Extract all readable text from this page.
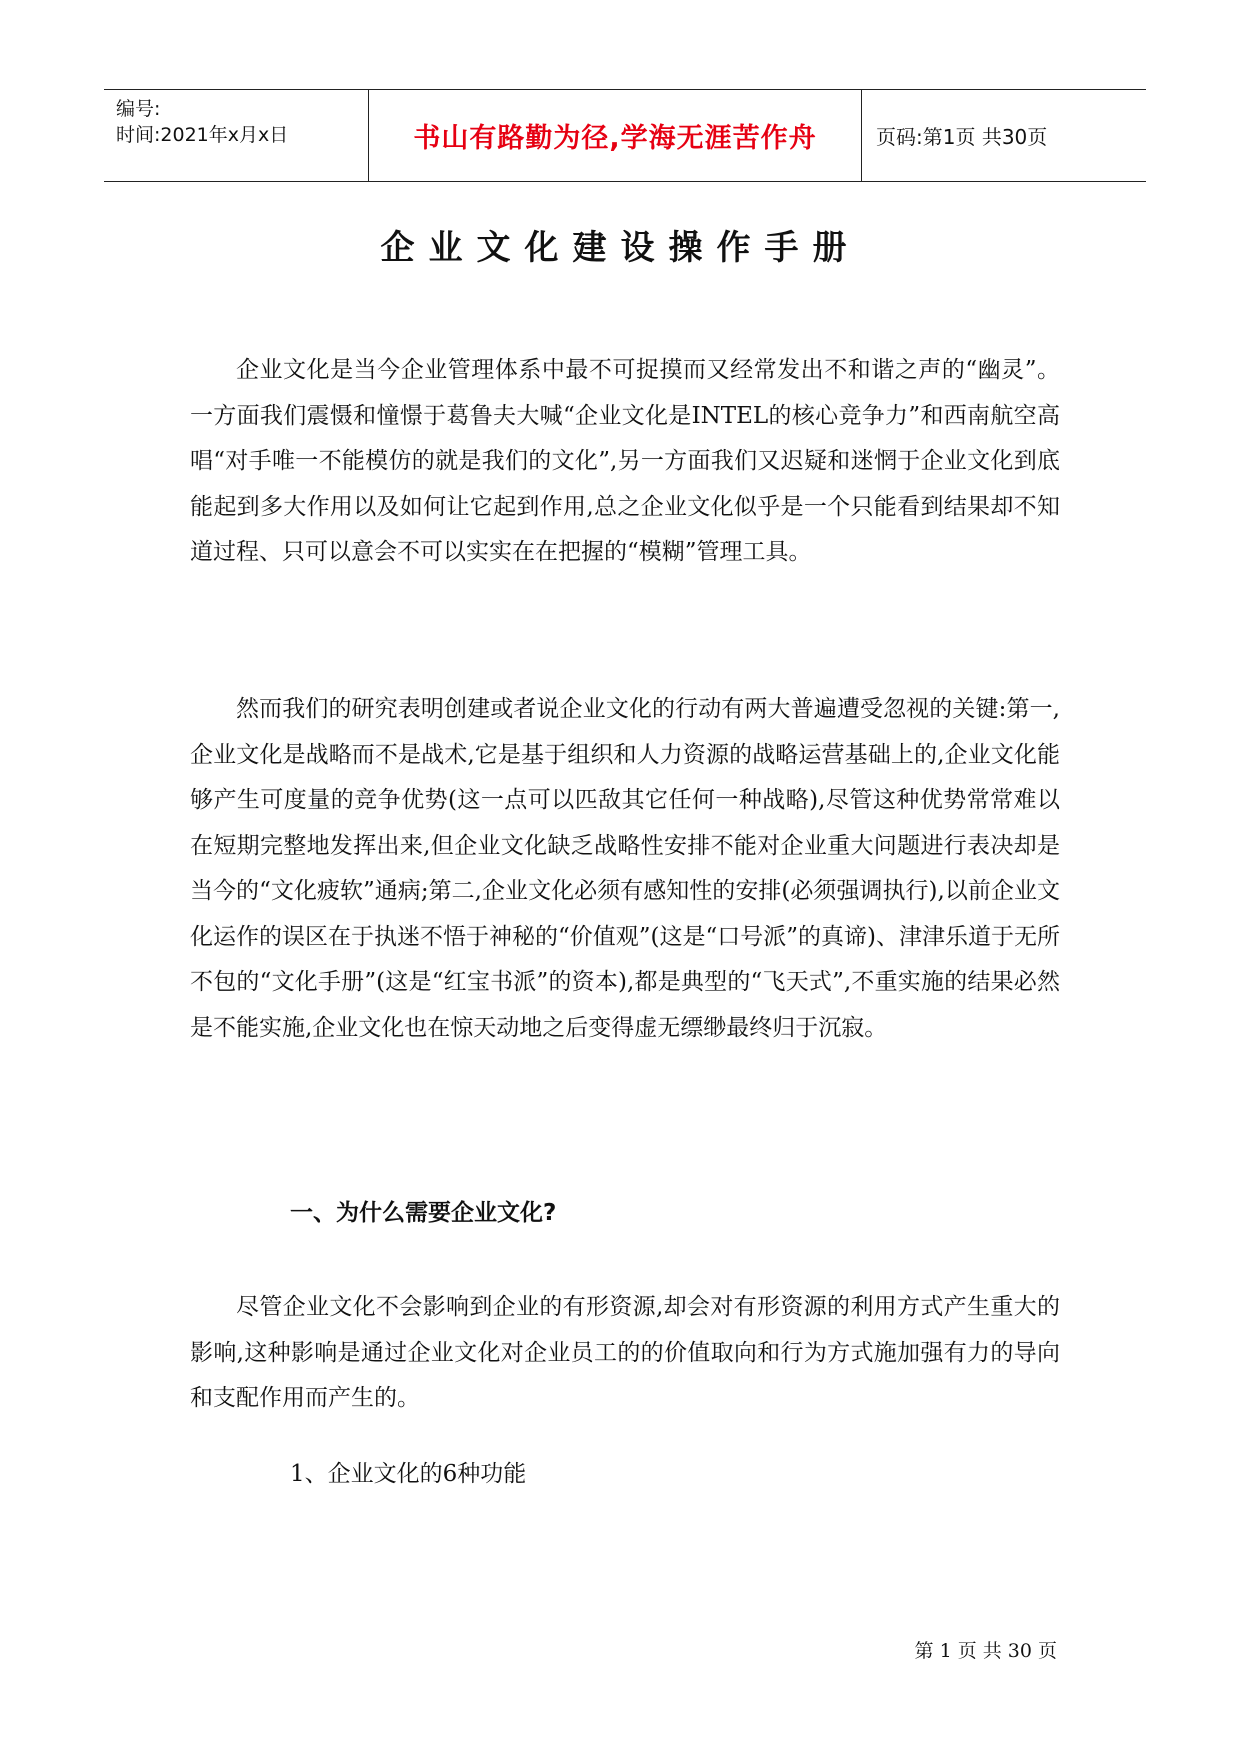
编号:
时间:2021年x月x日	书山有路勤为径,学海无涯苦作舟	页码:第1页 共30页
企业文化建设操作手册

企业文化是当今企业管理体系中最不可捉摸而又经常发出不和谐之声的“幽灵”。一方面我们震慑和憧憬于葛鲁夫大喊“企业文化是INTEL的核心竞争力”和西南航空高唱“对手唯一不能模仿的就是我们的文化”,另一方面我们又迟疑和迷惘于企业文化到底能起到多大作用以及如何让它起到作用,总之企业文化似乎是一个只能看到结果却不知道过程、只可以意会不可以实实在在把握的“模糊”管理工具。

然而我们的研究表明创建或者说企业文化的行动有两大普遍遭受忽视的关键:第一,企业文化是战略而不是战术,它是基于组织和人力资源的战略运营基础上的,企业文化能够产生可度量的竞争优势(这一点可以匹敌其它任何一种战略),尽管这种优势常常难以在短期完整地发挥出来,但企业文化缺乏战略性安排不能对企业重大问题进行表决却是当今的“文化疲软”通病;第二,企业文化必须有感知性的安排(必须强调执行),以前企业文化运作的误区在于执迷不悟于神秘的“价值观”(这是“口号派”的真谛)、津津乐道于无所不包的“文化手册”(这是“红宝书派”的资本),都是典型的“飞天式”,不重实施的结果必然是不能实施,企业文化也在惊天动地之后变得虚无缥缈最终归于沉寂。

一、为什么需要企业文化?

尽管企业文化不会影响到企业的有形资源,却会对有形资源的利用方式产生重大的影响,这种影响是通过企业文化对企业员工的的价值取向和行为方式施加强有力的导向和支配作用而产生的。

1、企业文化的6种功能
第 1 页 共 30 页
